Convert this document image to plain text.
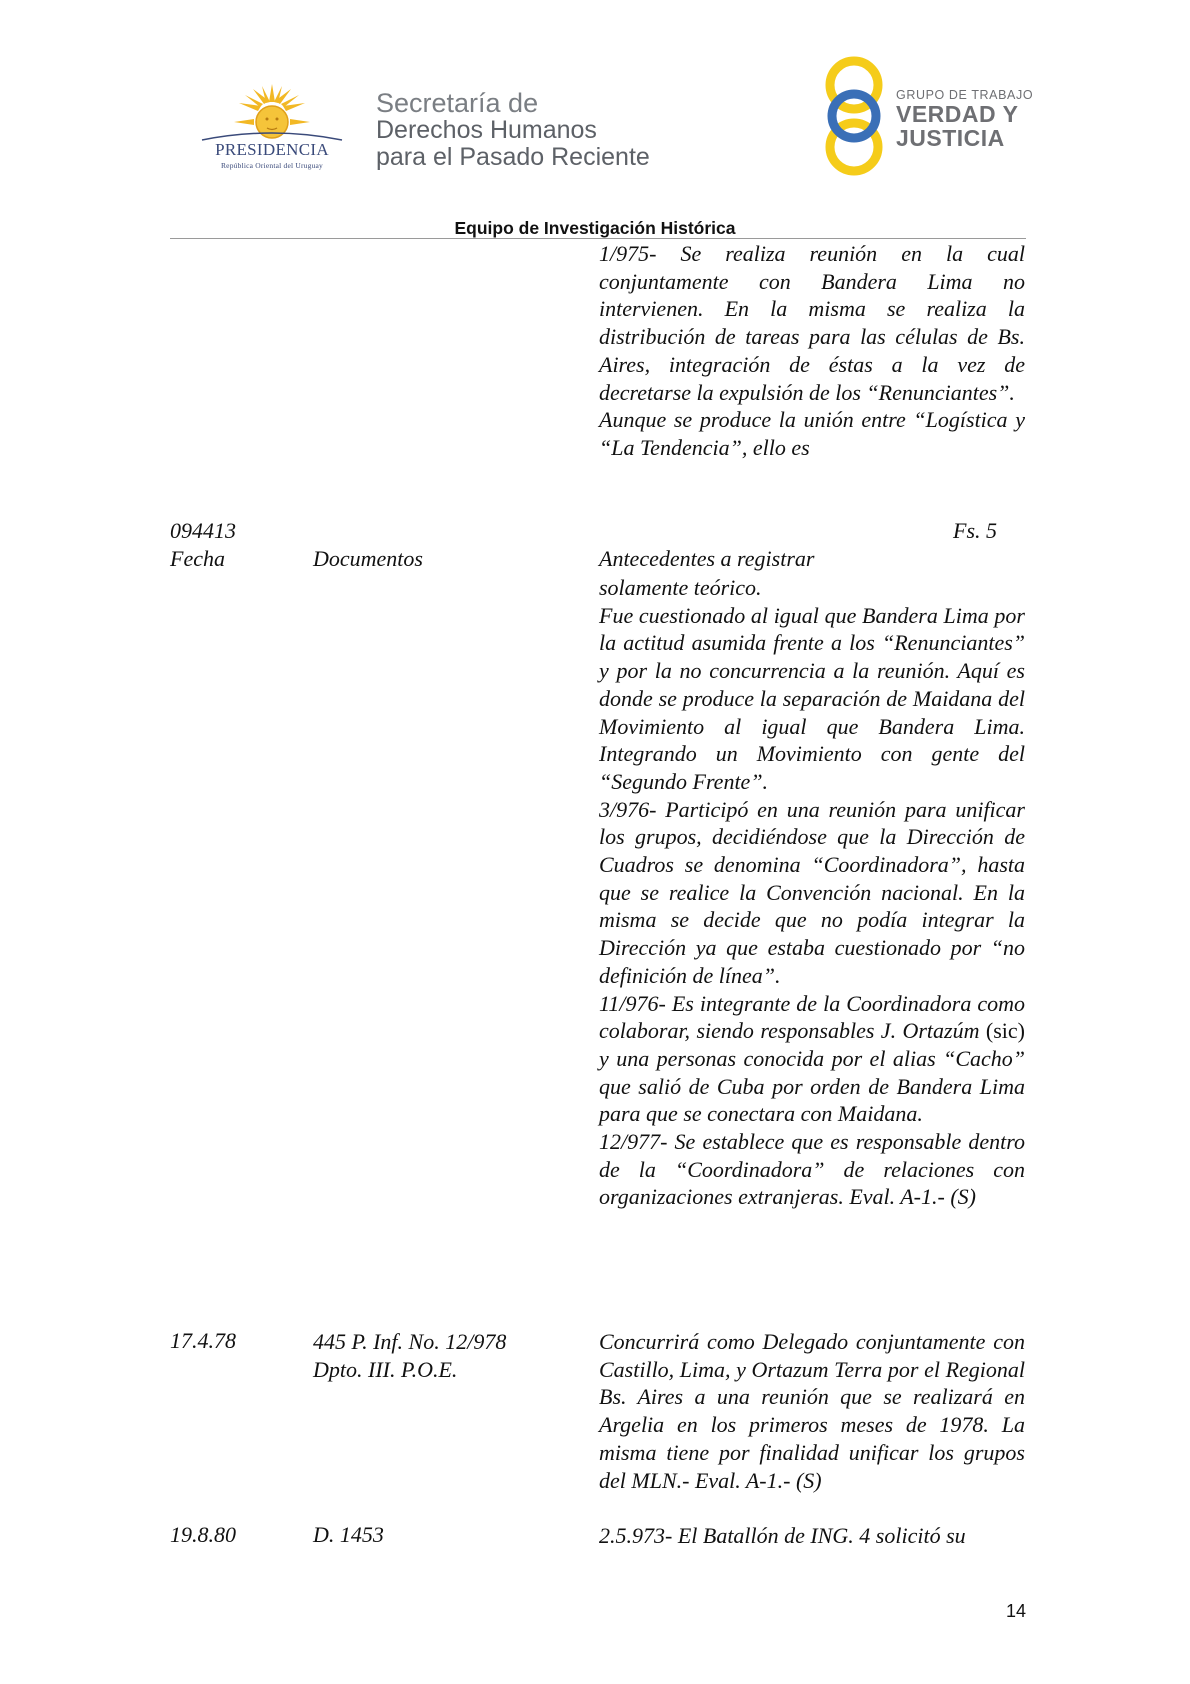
PRESIDENCIA
República Oriental del Uruguay
Secretaría de
Derechos Humanos
para el Pasado Reciente
GRUPO DE TRABAJO
VERDAD Y
JUSTICIA
Equipo de Investigación Histórica

1/975- Se realiza reunión en la cual conjuntamente con Bandera Lima no intervienen. En la misma se realiza la distribución de tareas para las células de Bs. Aires, integración de éstas a la vez de decretarse la expulsión de los “Renunciantes”.

Aunque se produce la unión entre “Logística y “La Tendencia”, ello es

094413	Fs. 5
Fecha	Documentos	Antecedentes a registrar

solamente teórico.

Fue cuestionado al igual que Bandera Lima por la actitud asumida frente a los “Renunciantes” y por la no concurrencia a la reunión. Aquí es donde se produce la separación de Maidana del Movimiento al igual que Bandera Lima. Integrando un Movimiento con gente del “Segundo Frente”.

3/976- Participó en una reunión para unificar los grupos, decidiéndose que la Dirección de Cuadros se denomina “Coordinadora”, hasta que se realice la Convención nacional. En la misma se decide que no podía integrar la Dirección ya que estaba cuestionado por “no definición de línea”.

11/976- Es integrante de la Coordinadora como colaborar, siendo responsables J. Ortazúm (sic) y una personas conocida por el alias “Cacho” que salió de Cuba por orden de Bandera Lima para que se conectara con Maidana.

12/977- Se establece que es responsable dentro de la “Coordinadora” de relaciones con organizaciones extranjeras. Eval. A-1.- (S)

17.4.78	445 P. Inf. No. 12/978
Dpto. III. P.O.E.
Concurrirá como Delegado conjuntamente con Castillo, Lima, y Ortazum Terra por el Regional Bs. Aires a una reunión que se realizará en Argelia en los primeros meses de 1978. La misma tiene por finalidad unificar los grupos del MLN.- Eval. A-1.- (S)
19.8.80	D. 1453	2.5.973- El Batallón de ING. 4 solicitó su
14
